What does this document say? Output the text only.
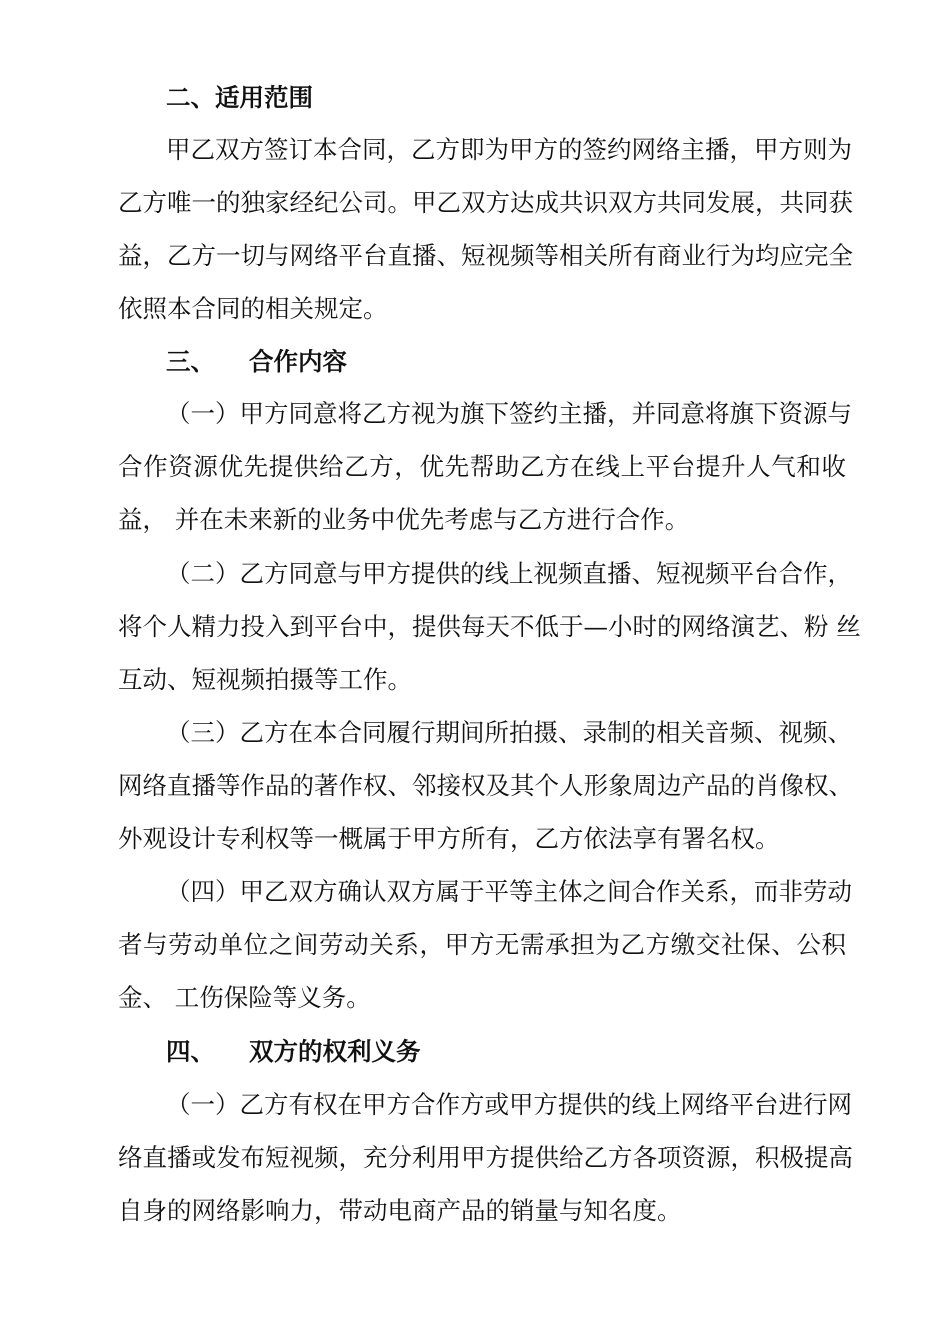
二、适用范围
甲乙双方签订本合同，乙方即为甲方的签约网络主播，甲方则为
乙方唯一的独家经纪公司。甲乙双方达成共识双方共同发展，共同获
益，乙方一切与网络平台直播、短视频等相关所有商业行为均应完全
依照本合同的相关规定。
三、 合作内容
（一）甲方同意将乙方视为旗下签约主播，并同意将旗下资源与
合作资源优先提供给乙方，优先帮助乙方在线上平台提升人气和收
益， 并在未来新的业务中优先考虑与乙方进行合作。
（二）乙方同意与甲方提供的线上视频直播、短视频平台合作，
将个人精力投入到平台中，提供每天不低于—小时的网络演艺、粉 丝
互动、短视频拍摄等工作。
（三）乙方在本合同履行期间所拍摄、录制的相关音频、视频、
网络直播等作品的著作权、邻接权及其个人形象周边产品的肖像权、
外观设计专利权等一概属于甲方所有，乙方依法享有署名权。
（四）甲乙双方确认双方属于平等主体之间合作关系，而非劳动
者与劳动单位之间劳动关系，甲方无需承担为乙方缴交社保、公积
金、 工伤保险等义务。
四、 双方的权利义务
（一）乙方有权在甲方合作方或甲方提供的线上网络平台进行网
络直播或发布短视频，充分利用甲方提供给乙方各项资源，积极提高
自身的网络影响力，带动电商产品的销量与知名度。
